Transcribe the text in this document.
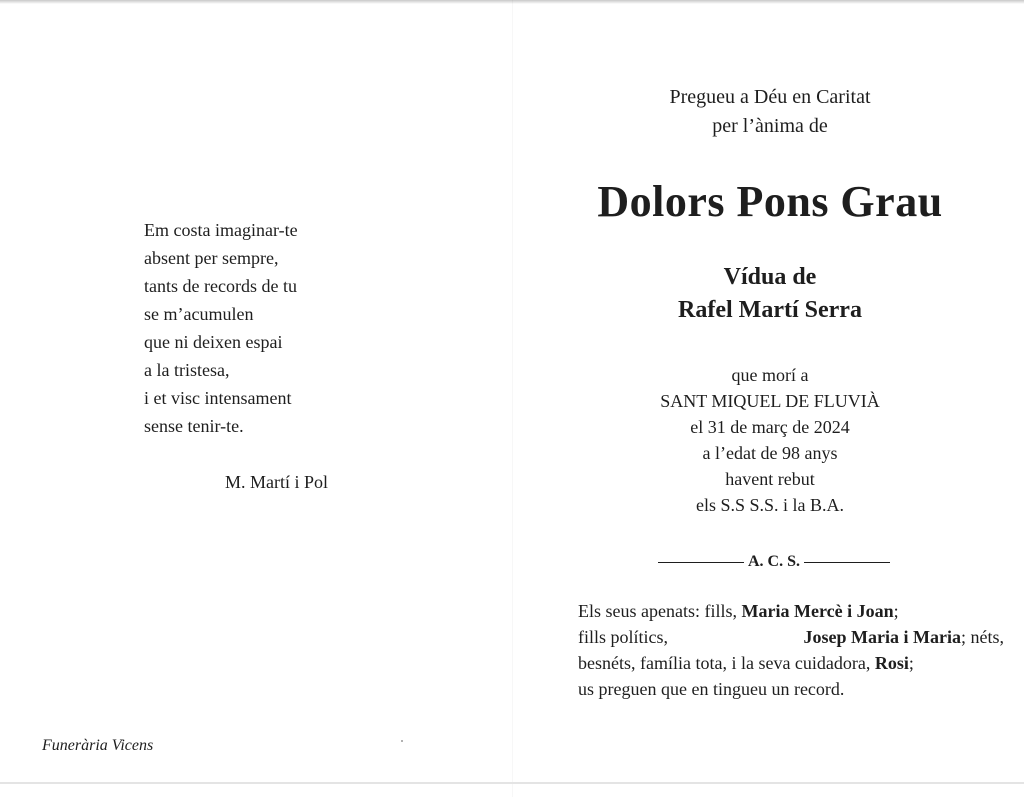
Em costa imaginar-te
absent per sempre,
tants de records de tu
se m’acumulen
que ni deixen espai
a la tristesa,
i et visc intensament
sense tenir-te.
M. Martí i Pol
Funerària Vicens
Pregueu a Déu en Caritat
per l’ànima de
Dolors Pons Grau
Vídua de
Rafel Martí Serra
que morí a
SANT MIQUEL DE FLUVIÀ
el 31 de març de 2024
a l’edat de 98 anys
havent rebut
els S.S S.S. i la B.A.
A. C. S.
Els seus apenats: fills, Maria Mercè i Joan;
fills polítics,	Josep Maria i Maria; néts,
besnéts, família tota, i la seva cuidadora, Rosi;
us preguen que en tingueu un record.
